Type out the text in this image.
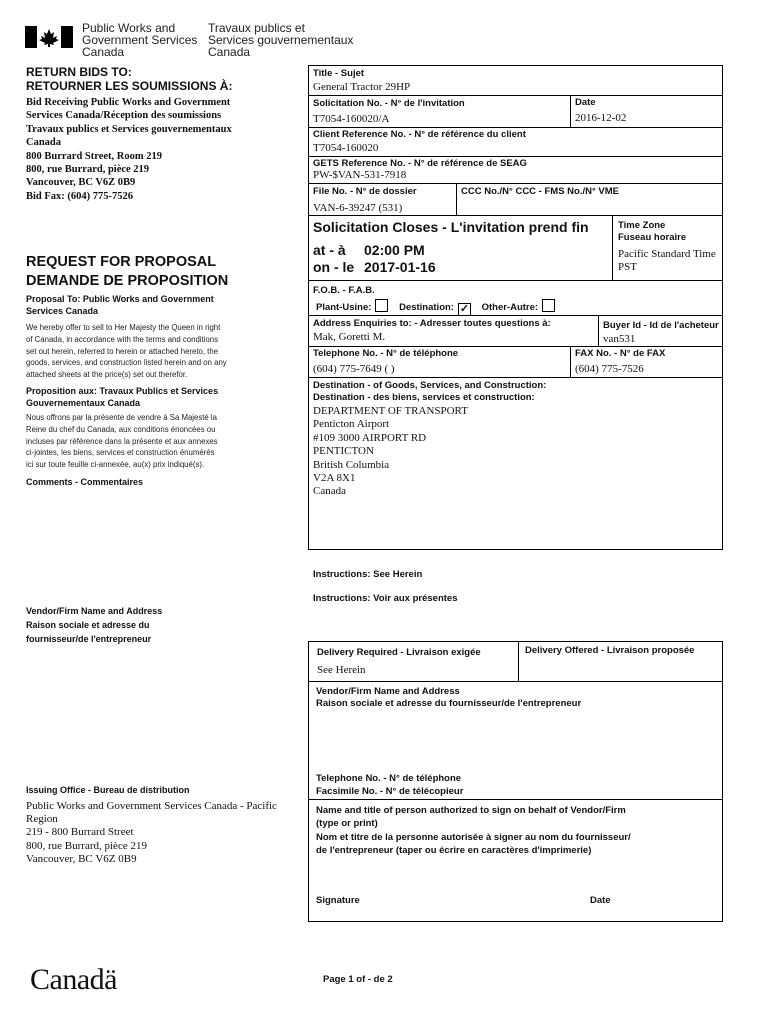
Public Works and
Government Services
Canada
Travaux publics et
Services gouvernementaux
Canada
RETURN BIDS TO:
RETOURNER LES SOUMISSIONS À:
Bid Receiving Public Works and Government
Services Canada/Réception des soumissions
Travaux publics et Services gouvernementaux
Canada
800 Burrard Street, Room 219
800, rue Burrard, pièce 219
Vancouver, BC V6Z 0B9
Bid Fax: (604) 775-7526
REQUEST FOR PROPOSAL
DEMANDE DE PROPOSITION
Proposal To: Public Works and Government
Services Canada
We hereby offer to sell to Her Majesty the Queen in right
of Canada, in accordance with the terms and conditions
set out herein, referred to herein or attached hereto, the
goods, services, and construction listed herein and on any
attached sheets at the price(s) set out therefor.
Proposition aux: Travaux Publics et Services
Gouvernementaux Canada
Nous offrons par la présente de vendre à Sa Majesté la
Reine du chef du Canada, aux conditions énoncées ou
incluses par référence dans la présente et aux annexes
ci-jointes, les biens, services et construction énumérés
ici sur toute feuille ci-annexée, au(x) prix indiqué(s).
Comments - Commentaires
Vendor/Firm Name and Address
Raison sociale et adresse du
fournisseur/de l'entrepreneur
Issuing Office - Bureau de distribution
Public Works and Government Services Canada - Pacific
Region
219 - 800 Burrard Street
800, rue Burrard, pièce 219
Vancouver, BC V6Z 0B9
Title - Sujet
General Tractor 29HP
Solicitation No. - N° de l'invitation
T7054-160020/A
Date
2016-12-02
Client Reference No. - N° de référence du client
T7054-160020
GETS Reference No. - N° de référence de SEAG
PW-$VAN-531-7918
File No. - N° de dossier
VAN-6-39247 (531)
CCC No./N° CCC - FMS No./N° VME
Solicitation Closes - L'invitation prend fin
at - à 02:00 PM
on - le 2017-01-16
Time Zone
Fuseau horaire
Pacific Standard Time
PST
F.O.B. - F.A.B.
Plant-Usine:	Destination: ✓ Other-Autre:
Address Enquiries to: - Adresser toutes questions à:
Mak, Goretti M.
Buyer Id - Id de l'acheteur
van531
Telephone No. - N° de téléphone
(604) 775-7649 ( )
FAX No. - N° de FAX
(604) 775-7526
Destination - of Goods, Services, and Construction:
Destination - des biens, services et construction:
DEPARTMENT OF TRANSPORT
Penticton Airport
#109 3000 AIRPORT RD
PENTICTON
British Columbia
V2A 8X1
Canada
Instructions: See Herein
Instructions: Voir aux présentes
Delivery Required - Livraison exigée
See Herein
Delivery Offered - Livraison proposée
Vendor/Firm Name and Address
Raison sociale et adresse du fournisseur/de l'entrepreneur
Telephone No. - N° de téléphone
Facsimile No. - N° de télécopieur
Name and title of person authorized to sign on behalf of Vendor/Firm
(type or print)
Nom et titre de la personne autorisée à signer au nom du fournisseur/
de l'entrepreneur (taper ou écrire en caractères d'imprimerie)
Signature	Date
Canadä	Page 1 of - de 2
